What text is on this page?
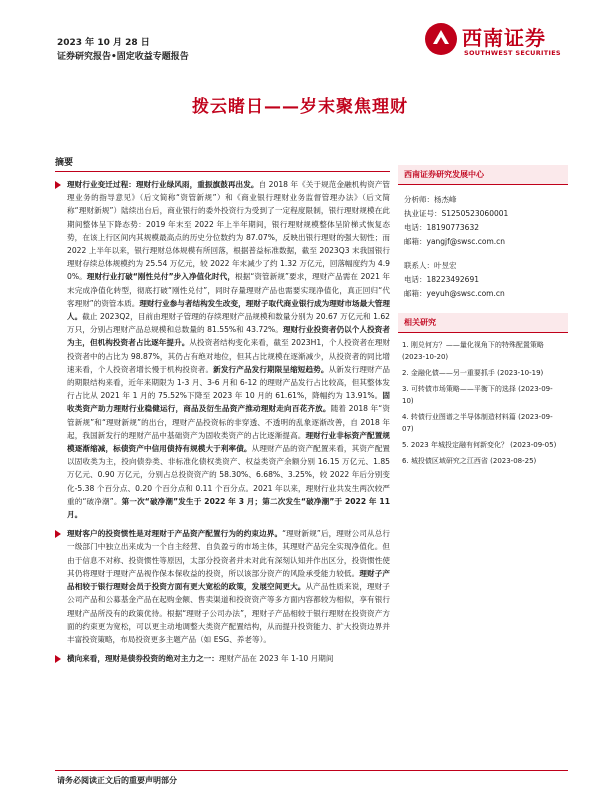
2023 年 10 月 28 日
证券研究报告•固定收益专题报告
西南证券
SOUTHWEST SECURITIES
拨云睹日——岁末聚焦理财
摘要
理财行业变迁过程：理财行业绿风雨，重振旗鼓再出发。自 2018 年《关于规范金融机构资产管理业务的指导意见》（后文简称“资管新规”）和《商业银行理财业务监督管理办法》（后文简称“理财新规”）陆续出台后，商业银行的委外投资行为受到了一定程度限制，银行理财规模在此期间整体呈下降态势：2019 年末至 2022 年上半年期间，银行理财规模整体呈阶梯式恢复态势，在该上行区间内其规模最高点的历史分位数约为 87.07%，反映出银行理财的强大韧性；而 2022 上半年以来，银行理财总体规模有所回落，根据普益标准数据，截至 2023Q3 末我国银行理财存续总体规模约为 25.54 万亿元，较 2022 年末减少了约 1.32 万亿元，回落幅度约为 4.90%。理财行业打破“刚性兑付”步入净值化时代，根据“资管新规”要求，理财产品需在 2021 年末完成净值化转型，彻底打破“刚性兑付”，同时存量理财产品也需要实现净值化，真正回归“代客理财”的资管本质。理财行业参与者结构发生改变，理财子取代商业银行成为理财市场最大管理人。截止 2023Q2，目前由理财子管理的存续理财产品规模和数量分别为 20.67 万亿元和 1.62 万只，分别占理财产品总规模和总数量的 81.55%和 43.72%。理财行业投资者仍以个人投资者为主，但机构投资者占比逐年提升。从投资者结构变化来看，截至 2023H1，个人投资者在理财投资者中的占比为 98.87%，其仍占有绝对地位，但其占比规模在逐渐减少，从投资者的同比增速来看，个人投资者增长慢于机构投资者。新发行产品发行期限呈缩短趋势。从新发行理财产品的期限结构来看，近年来期限为 1-3 月、3-6 月和 6-12 的理财产品发行占比较高，但其整体发行占比从 2021 年 1 月的 75.52%下降至 2023 年 10 月的 61.61%，降幅约为 13.91%。固收类资产助力理财行业稳健运行，商品及衍生品资产推动理财走向百花齐放。随着 2018 年“资管新规”和“理财新规”的出台，理财产品投资标的非穿透、不透明的乱象逐渐改善，自 2018 年起，我国新发行的理财产品中基础资产为固收类资产的占比逐渐提高。理财行业非标资产配置规模逐渐缩减，标债资产中信用债持有规模大于利率债。从理财产品的资产配置来看，其资产配置以固收类为主，投向债券类、非标准化债权类资产、权益类资产余额分别 16.15 万亿元、1.85 万亿元、0.90 万亿元，分别占总投资资产的 58.30%、6.68%、3.25%，较 2022 年后分别变化-5.38 个百分点、0.20 个百分点和 0.11 个百分点。2021 年以来，理财行业共发生两次较严重的“破净潮”。第一次“破净潮”发生于 2022 年 3 月；第二次发生“破净潮”于 2022 年 11 月。
理财客户的投资惯性是对理财于产品资产配置行为的约束边界。“理财新规”后，理财公司从总行一级部门中独立出来成为一个自主经营、自负盈亏的市场主体，其理财产品完全实现净值化。但由于信息不对称、投资惯性等原因，太部分投资者并未对此有深刻认知并作出区分，投资惯性使其仍将理财于理财产品视作保本保收益的投资，所以该部分资产的风险承受能力较低。理财子产品相较于银行理财会员于投资方面有更大宽松的政策，发展空间更大。从产品性质来说，理财子公司产品和公募基金产品在起购金额、售卖渠道和投资资产等多方面内容都较为相似，享有银行理财产品所没有的政策优待。根据“理财子公司办法”，理财子产品相较于银行理财在投资资产方面的约束更为宽松，可以更主动地调整大类资产配置结构，从而提升投资能力、扩大投资边界并丰富投资策略，布局投资更多主题产品（如 ESG、养老等）。
横向来看，理财是债券投资的绝对主力之一：理财产品在 2023 年 1-10 月期间
西南证券研究发展中心
分析师：杨杰峰
执业证号：S1250523060001
电话：18190773632
邮箱：yangjf@swsc.com.cn
联系人：叶昱宏
电话：18223492691
邮箱：yeyuh@swsc.com.cn
相关研究
1. 刚兑何方？——量化视角下的特殊配置策略 (2023-10-20)
2. 金融化债——另一重要抓手 (2023-10-19)
3. 可转债市场策略——平衡下的选择 (2023-09-10)
4. 转债行业图谱之半导体制造材料篇 (2023-09-07)
5. 2023 年城投定融有何新变化？ (2023-09-05)
6. 城投债区域研究之江西省 (2023-08-25)
请务必阅读正文后的重要声明部分
